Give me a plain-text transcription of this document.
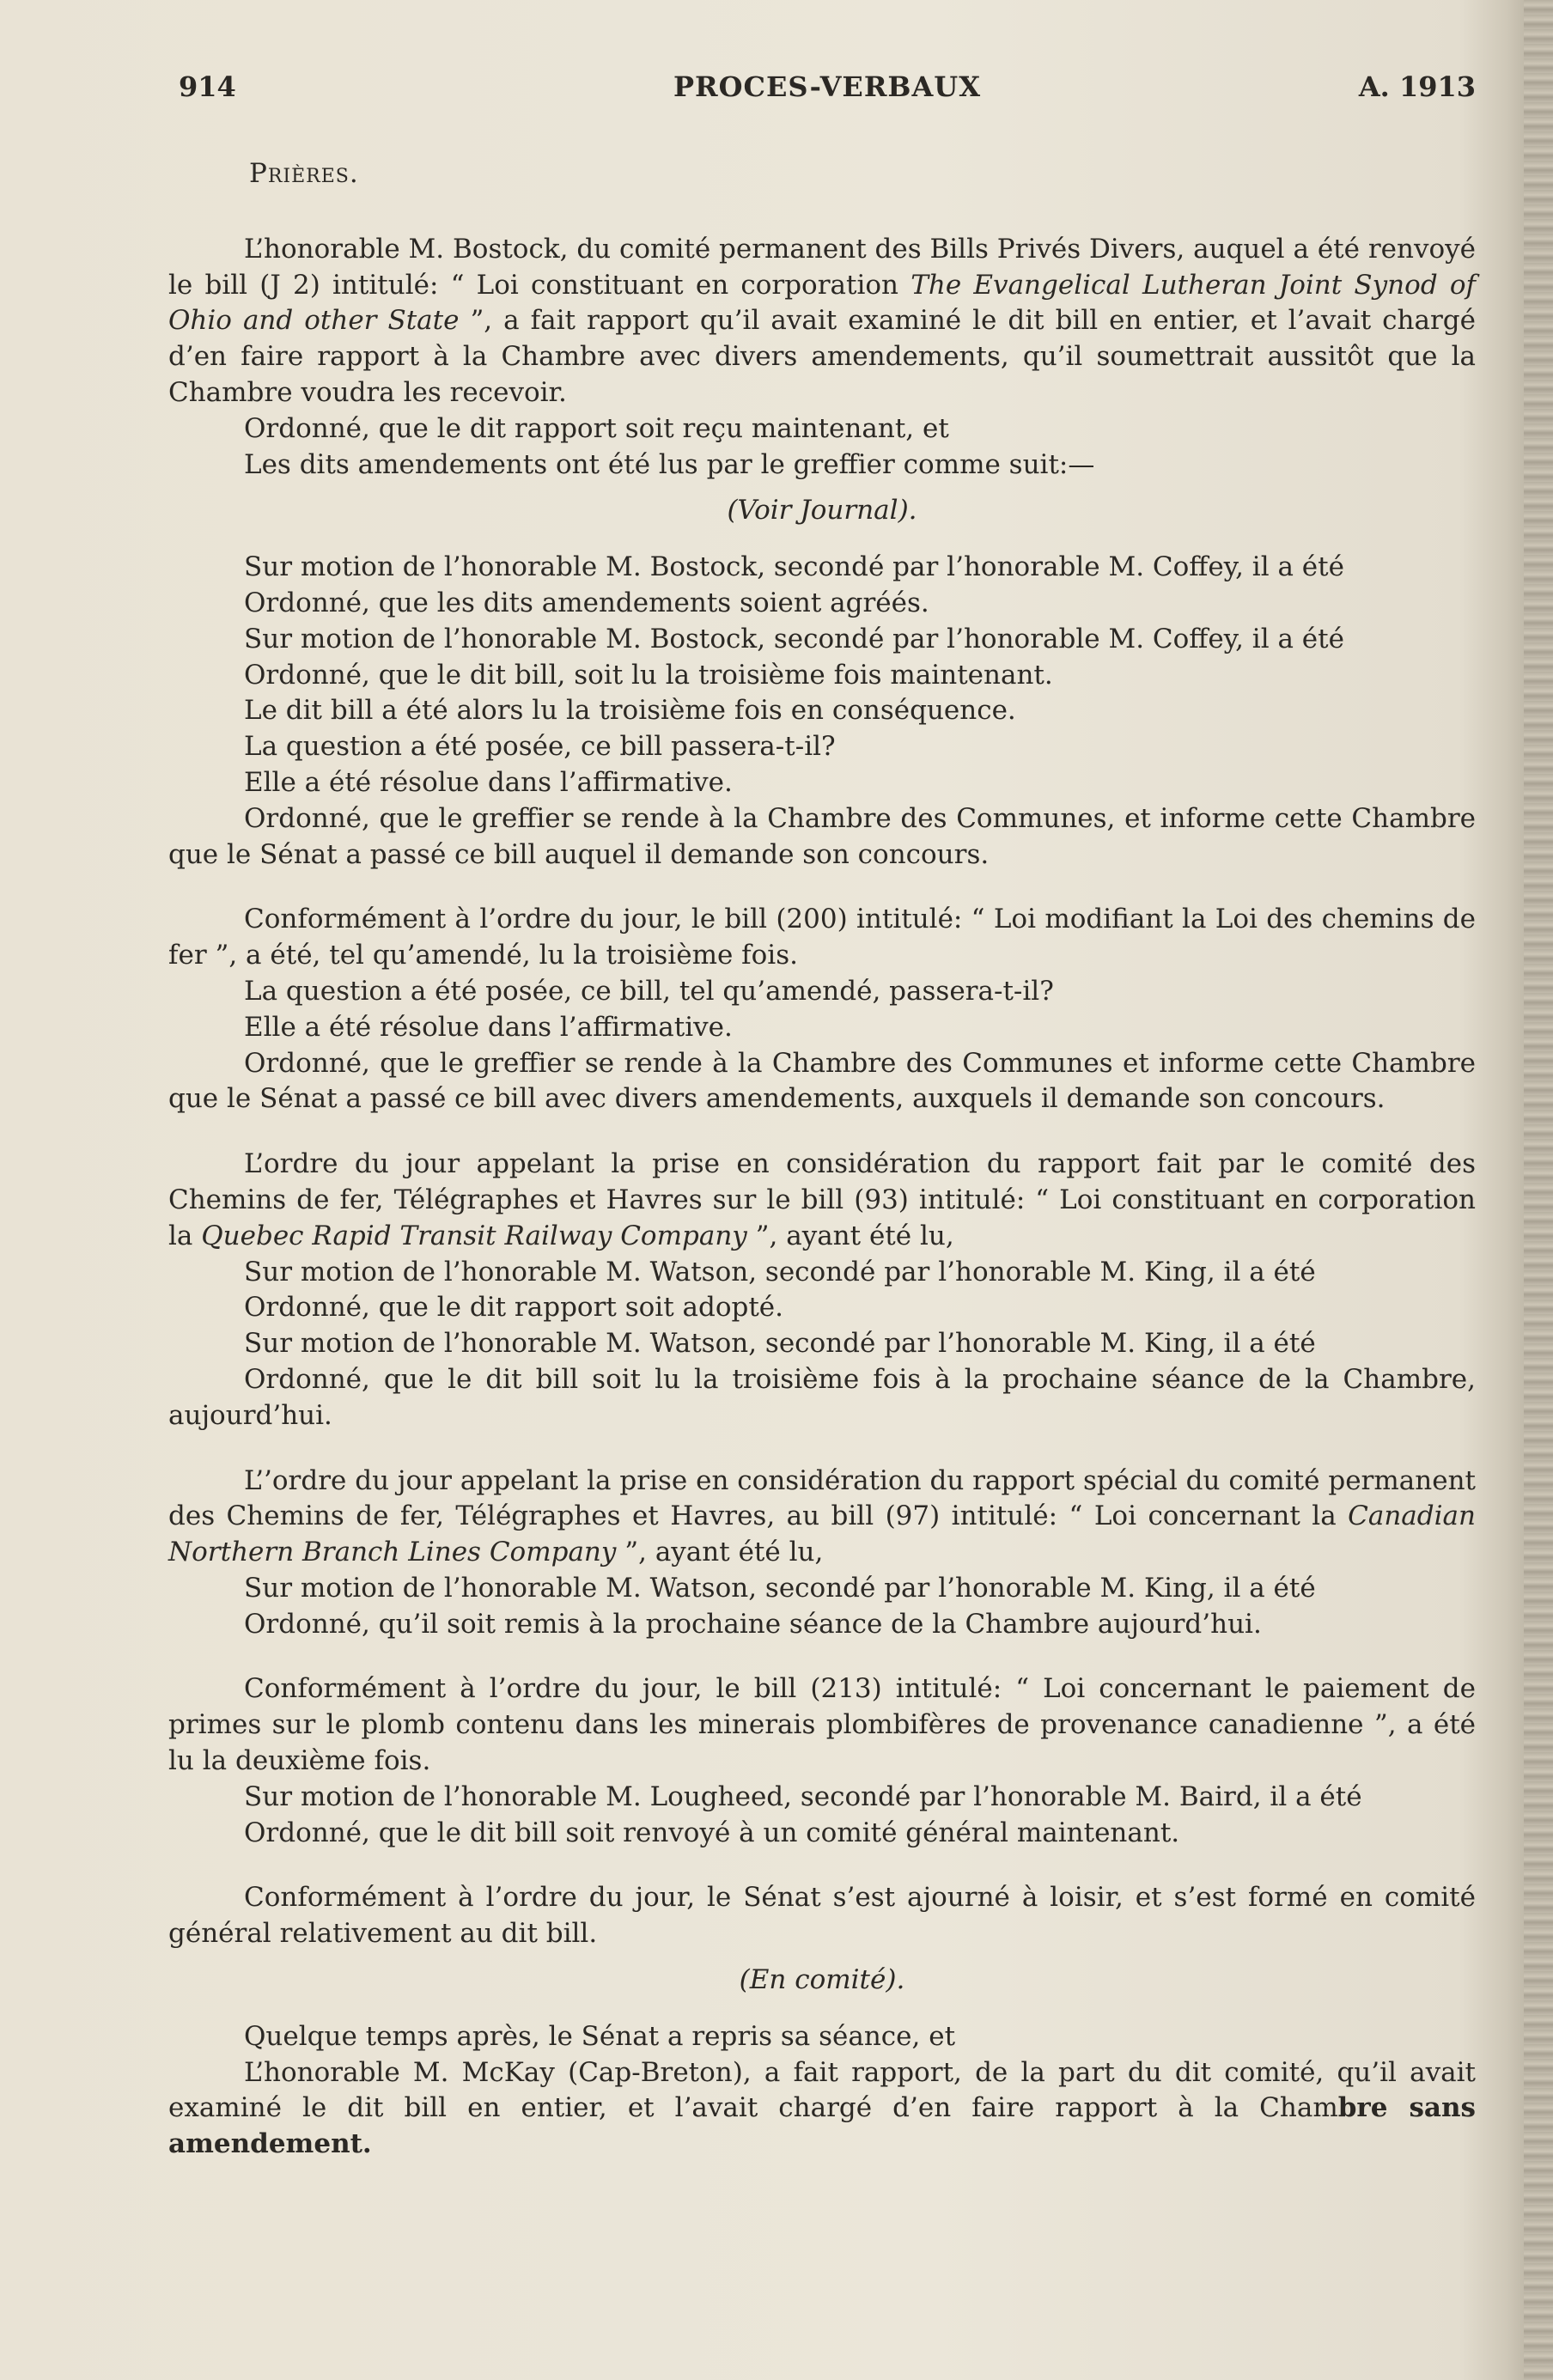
914	PROCES-VERBAUX	A. 1913

Prières.

L’honorable M. Bostock, du comité permanent des Bills Privés Divers, auquel a été renvoyé le bill (J 2) intitulé: “ Loi constituant en corporation The Evangelical Lutheran Joint Synod of Ohio and other State ”, a fait rapport qu’il avait examiné le dit bill en entier, et l’avait chargé d’en faire rapport à la Chambre avec divers amendements, qu’il soumettrait aussitôt que la Chambre voudra les recevoir.

Ordonné, que le dit rapport soit reçu maintenant, et

Les dits amendements ont été lus par le greffier comme suit:—

(Voir Journal).

Sur motion de l’honorable M. Bostock, secondé par l’honorable M. Coffey, il a été

Ordonné, que les dits amendements soient agréés.

Sur motion de l’honorable M. Bostock, secondé par l’honorable M. Coffey, il a été

Ordonné, que le dit bill, soit lu la troisième fois maintenant.

Le dit bill a été alors lu la troisième fois en conséquence.

La question a été posée, ce bill passera-t-il?

Elle a été résolue dans l’affirmative.

Ordonné, que le greffier se rende à la Chambre des Communes, et informe cette Chambre que le Sénat a passé ce bill auquel il demande son concours.

Conformément à l’ordre du jour, le bill (200) intitulé: “ Loi modifiant la Loi des chemins de fer ”, a été, tel qu’amendé, lu la troisième fois.

La question a été posée, ce bill, tel qu’amendé, passera-t-il?

Elle a été résolue dans l’affirmative.

Ordonné, que le greffier se rende à la Chambre des Communes et informe cette Chambre que le Sénat a passé ce bill avec divers amendements, auxquels il demande son concours.

L’ordre du jour appelant la prise en considération du rapport fait par le comité des Chemins de fer, Télégraphes et Havres sur le bill (93) intitulé: “ Loi constituant en corporation la Quebec Rapid Transit Railway Company ”, ayant été lu,

Sur motion de l’honorable M. Watson, secondé par l’honorable M. King, il a été

Ordonné, que le dit rapport soit adopté.

Sur motion de l’honorable M. Watson, secondé par l’honorable M. King, il a été

Ordonné, que le dit bill soit lu la troisième fois à la prochaine séance de la Chambre, aujourd’hui.

L’’ordre du jour appelant la prise en considération du rapport spécial du comité permanent des Chemins de fer, Télégraphes et Havres, au bill (97) intitulé: “ Loi concernant la Canadian Northern Branch Lines Company ”, ayant été lu,

Sur motion de l’honorable M. Watson, secondé par l’honorable M. King, il a été

Ordonné, qu’il soit remis à la prochaine séance de la Chambre aujourd’hui.

Conformément à l’ordre du jour, le bill (213) intitulé: “ Loi concernant le paiement de primes sur le plomb contenu dans les minerais plombifères de provenance canadienne ”, a été lu la deuxième fois.

Sur motion de l’honorable M. Lougheed, secondé par l’honorable M. Baird, il a été

Ordonné, que le dit bill soit renvoyé à un comité général maintenant.

Conformément à l’ordre du jour, le Sénat s’est ajourné à loisir, et s’est formé en comité général relativement au dit bill.

(En comité).

Quelque temps après, le Sénat a repris sa séance, et

L’honorable M. McKay (Cap-Breton), a fait rapport, de la part du dit comité, qu’il avait examiné le dit bill en entier, et l’avait chargé d’en faire rapport à la Chambre sans amendement.
